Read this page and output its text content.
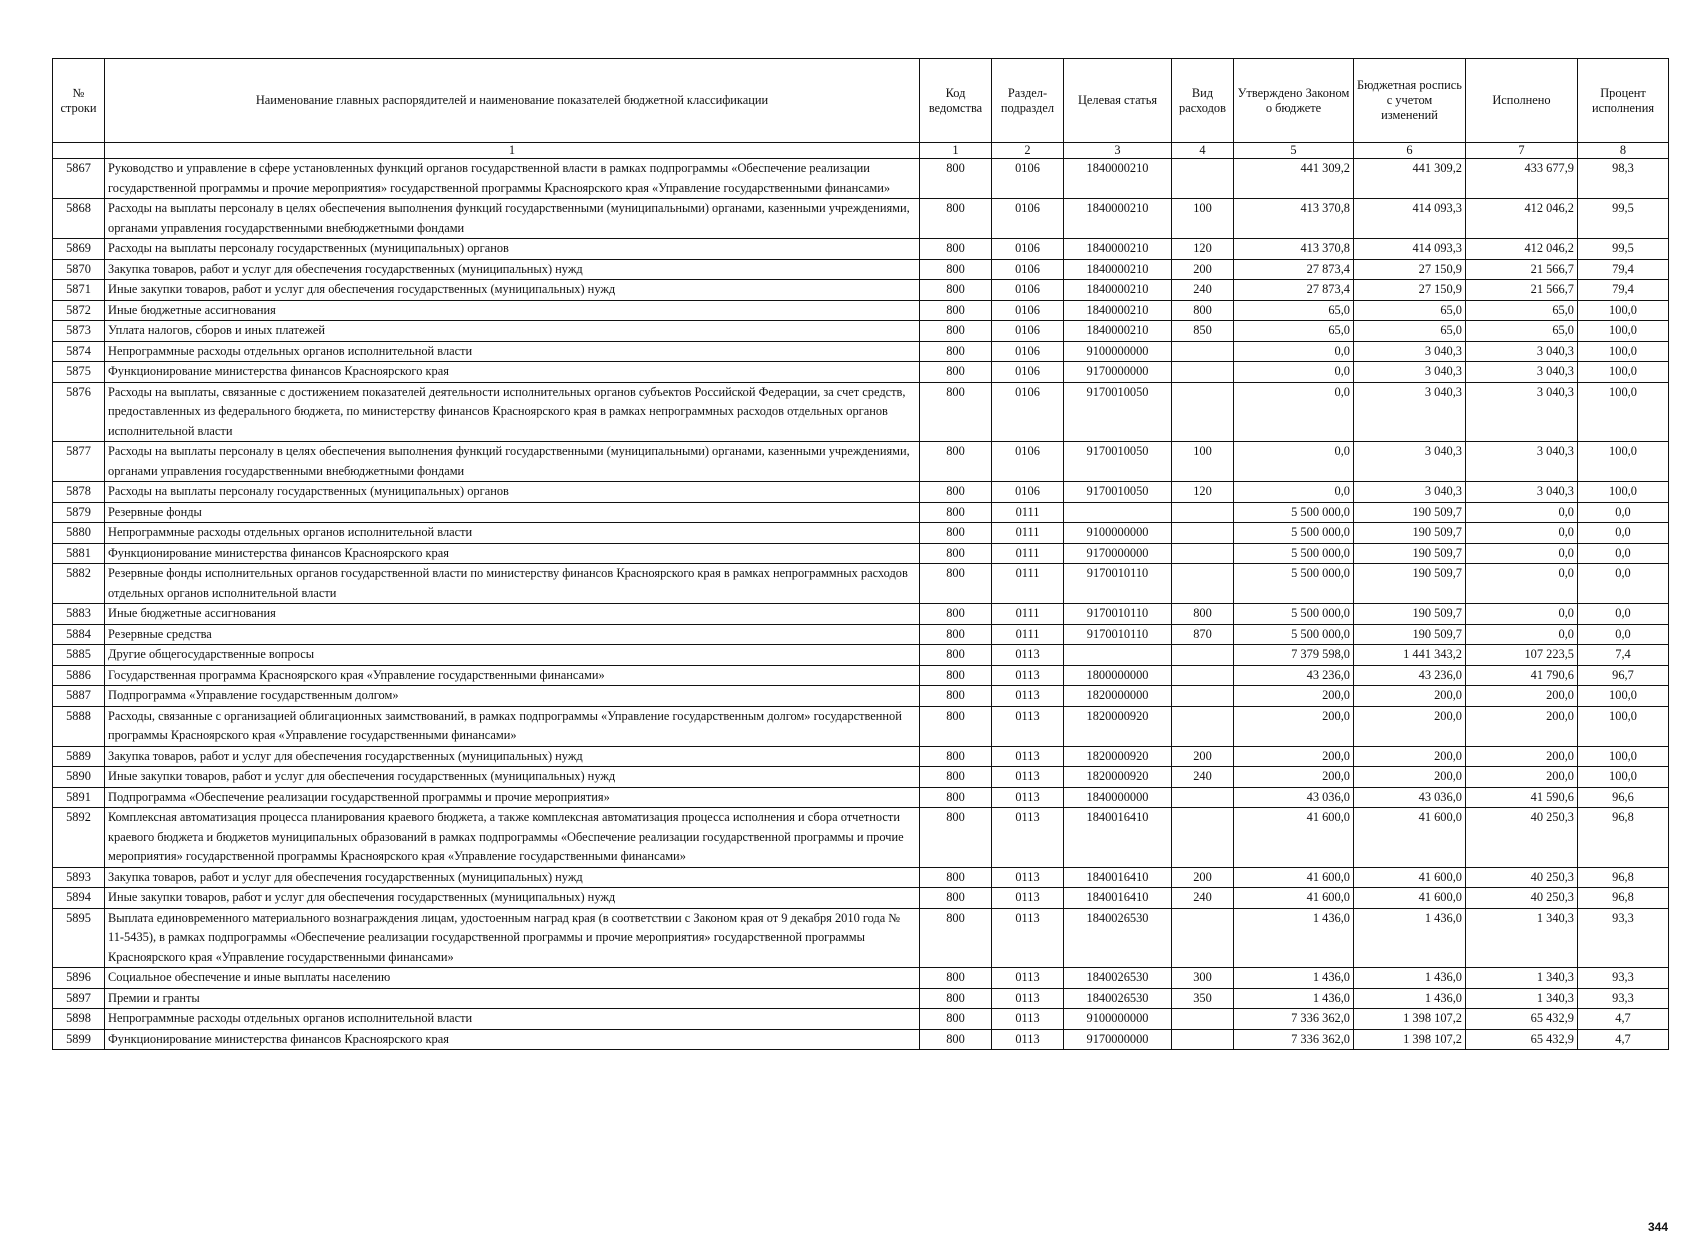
№ строки	Наименование главных распорядителей и наименование показателей бюджетной классификации	Код ведомства	Раздел-подраздел	Целевая статья	Вид расходов	Утверждено Законом о бюджете	Бюджетная роспись с учетом изменений	Исполнено	Процент исполнения
	1	1	2	3	4	5	6	7	8
5867	Руководство и управление в сфере установленных функций органов государственной власти в рамках подпрограммы «Обеспечение реализации государственной программы и прочие мероприятия» государственной программы Красноярского края «Управление государственными финансами»	800	0106	1840000210		441 309,2	441 309,2	433 677,9	98,3
5868	Расходы на выплаты персоналу в целях обеспечения выполнения функций государственными (муниципальными) органами, казенными учреждениями, органами управления государственными внебюджетными фондами	800	0106	1840000210	100	413 370,8	414 093,3	412 046,2	99,5
5869	Расходы на выплаты персоналу государственных (муниципальных) органов	800	0106	1840000210	120	413 370,8	414 093,3	412 046,2	99,5
5870	Закупка товаров, работ и услуг для обеспечения государственных (муниципальных) нужд	800	0106	1840000210	200	27 873,4	27 150,9	21 566,7	79,4
5871	Иные закупки товаров, работ и услуг для обеспечения государственных (муниципальных) нужд	800	0106	1840000210	240	27 873,4	27 150,9	21 566,7	79,4
5872	Иные бюджетные ассигнования	800	0106	1840000210	800	65,0	65,0	65,0	100,0
5873	Уплата налогов, сборов и иных платежей	800	0106	1840000210	850	65,0	65,0	65,0	100,0
5874	Непрограммные расходы отдельных органов исполнительной власти	800	0106	9100000000		0,0	3 040,3	3 040,3	100,0
5875	Функционирование министерства финансов Красноярского края	800	0106	9170000000		0,0	3 040,3	3 040,3	100,0
5876	Расходы на выплаты, связанные с достижением показателей деятельности исполнительных органов субъектов Российской Федерации, за счет средств, предоставленных из федерального бюджета, по министерству финансов Красноярского края в рамках непрограммных расходов отдельных органов исполнительной власти	800	0106	9170010050		0,0	3 040,3	3 040,3	100,0
5877	Расходы на выплаты персоналу в целях обеспечения выполнения функций государственными (муниципальными) органами, казенными учреждениями, органами управления государственными внебюджетными фондами	800	0106	9170010050	100	0,0	3 040,3	3 040,3	100,0
5878	Расходы на выплаты персоналу государственных (муниципальных) органов	800	0106	9170010050	120	0,0	3 040,3	3 040,3	100,0
5879	Резервные фонды	800	0111			5 500 000,0	190 509,7	0,0	0,0
5880	Непрограммные расходы отдельных органов исполнительной власти	800	0111	9100000000		5 500 000,0	190 509,7	0,0	0,0
5881	Функционирование министерства финансов Красноярского края	800	0111	9170000000		5 500 000,0	190 509,7	0,0	0,0
5882	Резервные фонды исполнительных органов государственной власти по министерству финансов Красноярского края в рамках непрограммных расходов отдельных органов исполнительной власти	800	0111	9170010110		5 500 000,0	190 509,7	0,0	0,0
5883	Иные бюджетные ассигнования	800	0111	9170010110	800	5 500 000,0	190 509,7	0,0	0,0
5884	Резервные средства	800	0111	9170010110	870	5 500 000,0	190 509,7	0,0	0,0
5885	Другие общегосударственные вопросы	800	0113			7 379 598,0	1 441 343,2	107 223,5	7,4
5886	Государственная программа Красноярского края «Управление государственными финансами»	800	0113	1800000000		43 236,0	43 236,0	41 790,6	96,7
5887	Подпрограмма «Управление государственным долгом»	800	0113	1820000000		200,0	200,0	200,0	100,0
5888	Расходы, связанные с организацией облигационных заимствований, в рамках подпрограммы «Управление государственным долгом» государственной программы Красноярского края «Управление государственными финансами»	800	0113	1820000920		200,0	200,0	200,0	100,0
5889	Закупка товаров, работ и услуг для обеспечения государственных (муниципальных) нужд	800	0113	1820000920	200	200,0	200,0	200,0	100,0
5890	Иные закупки товаров, работ и услуг для обеспечения государственных (муниципальных) нужд	800	0113	1820000920	240	200,0	200,0	200,0	100,0
5891	Подпрограмма «Обеспечение реализации государственной программы и прочие мероприятия»	800	0113	1840000000		43 036,0	43 036,0	41 590,6	96,6
5892	Комплексная автоматизация процесса планирования краевого бюджета, а также комплексная автоматизация процесса исполнения и сбора отчетности краевого бюджета и бюджетов муниципальных образований в рамках подпрограммы «Обеспечение реализации государственной программы и прочие мероприятия» государственной программы Красноярского края «Управление государственными финансами»	800	0113	1840016410		41 600,0	41 600,0	40 250,3	96,8
5893	Закупка товаров, работ и услуг для обеспечения государственных (муниципальных) нужд	800	0113	1840016410	200	41 600,0	41 600,0	40 250,3	96,8
5894	Иные закупки товаров, работ и услуг для обеспечения государственных (муниципальных) нужд	800	0113	1840016410	240	41 600,0	41 600,0	40 250,3	96,8
5895	Выплата единовременного материального вознаграждения лицам, удостоенным наград края (в соответствии с Законом края от 9 декабря 2010 года № 11-5435), в рамках подпрограммы «Обеспечение реализации государственной программы и прочие мероприятия» государственной программы Красноярского края «Управление государственными финансами»	800	0113	1840026530		1 436,0	1 436,0	1 340,3	93,3
5896	Социальное обеспечение и иные выплаты населению	800	0113	1840026530	300	1 436,0	1 436,0	1 340,3	93,3
5897	Премии и гранты	800	0113	1840026530	350	1 436,0	1 436,0	1 340,3	93,3
5898	Непрограммные расходы отдельных органов исполнительной власти	800	0113	9100000000		7 336 362,0	1 398 107,2	65 432,9	4,7
5899	Функционирование министерства финансов Красноярского края	800	0113	9170000000		7 336 362,0	1 398 107,2	65 432,9	4,7
344
